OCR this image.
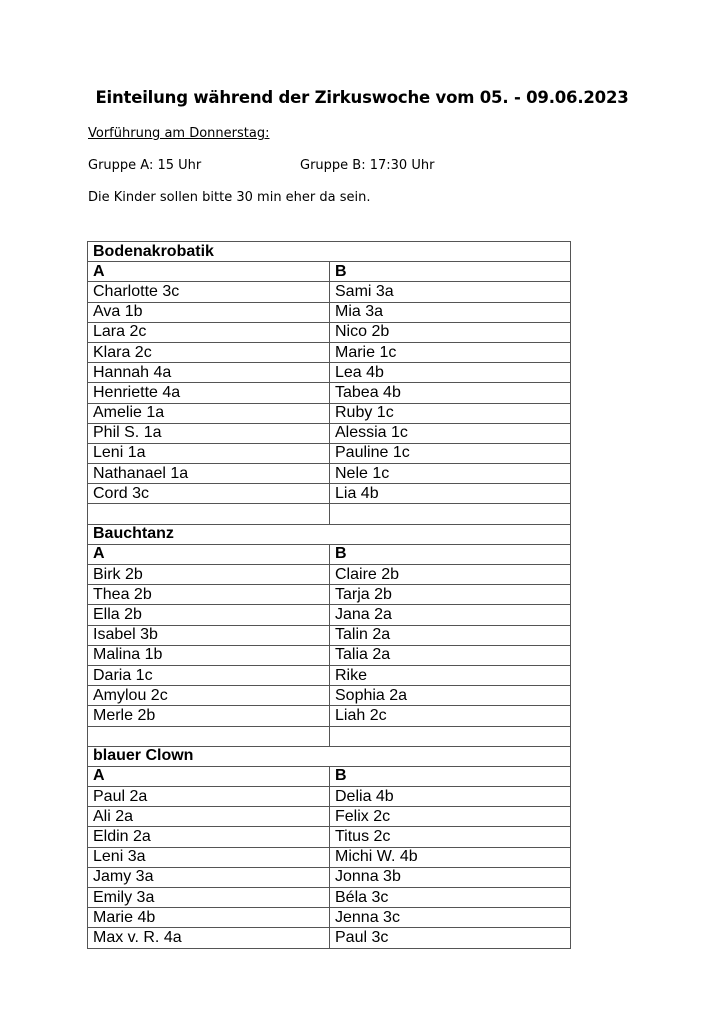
Einteilung während der Zirkuswoche vom 05. - 09.06.2023
Vorführung am Donnerstag:
Gruppe A: 15 Uhr	Gruppe B: 17:30 Uhr
Die Kinder sollen bitte 30 min eher da sein.
Bodenakrobatik	
A	B
Charlotte 3c	Sami 3a
Ava 1b	Mia 3a
Lara 2c	Nico 2b
Klara 2c	Marie 1c
Hannah 4a	Lea 4b
Henriette 4a	Tabea 4b
Amelie 1a	Ruby 1c
Phil S. 1a	Alessia 1c
Leni 1a	Pauline 1c
Nathanael 1a	Nele 1c
Cord 3c	Lia 4b

Bauchtanz	
A	B
Birk 2b	Claire 2b
Thea 2b	Tarja 2b
Ella 2b	Jana 2a
Isabel 3b	Talin 2a
Malina 1b	Talia 2a
Daria 1c	Rike
Amylou 2c	Sophia 2a
Merle 2b	Liah 2c

blauer Clown	
A	B
Paul 2a	Delia 4b
Ali 2a	Felix 2c
Eldin 2a	Titus 2c
Leni 3a	Michi W. 4b
Jamy 3a	Jonna 3b
Emily 3a	Béla 3c
Marie 4b	Jenna 3c
Max v. R. 4a	Paul 3c
